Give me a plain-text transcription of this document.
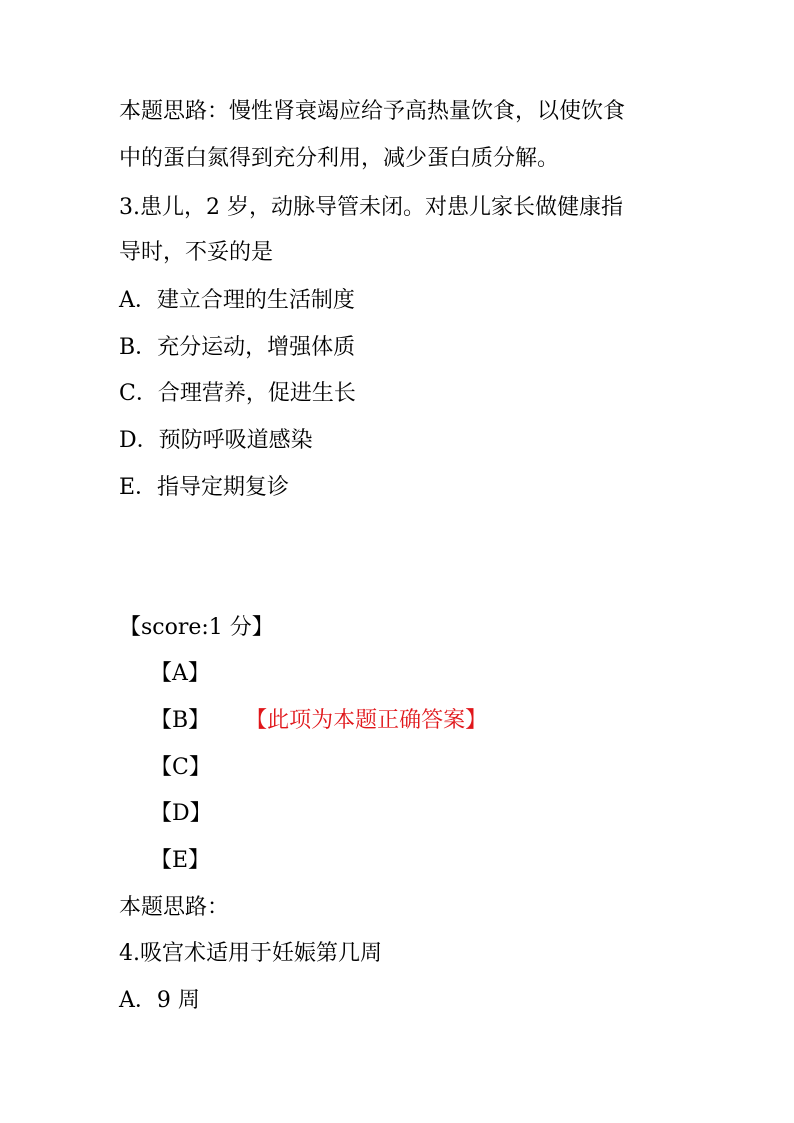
本题思路：慢性肾衰竭应给予高热量饮食，以使饮食
中的蛋白氮得到充分利用，减少蛋白质分解。
3.患儿，2 岁，动脉导管未闭。对患儿家长做健康指
导时，不妥的是
A．建立合理的生活制度
B．充分运动，增强体质
C．合理营养，促进生长
D．预防呼吸道感染
E．指导定期复诊
【score:1 分】
【A】
【B】 【此项为本题正确答案】
【C】
【D】
【E】
本题思路：
4.吸宫术适用于妊娠第几周
A．9 周
